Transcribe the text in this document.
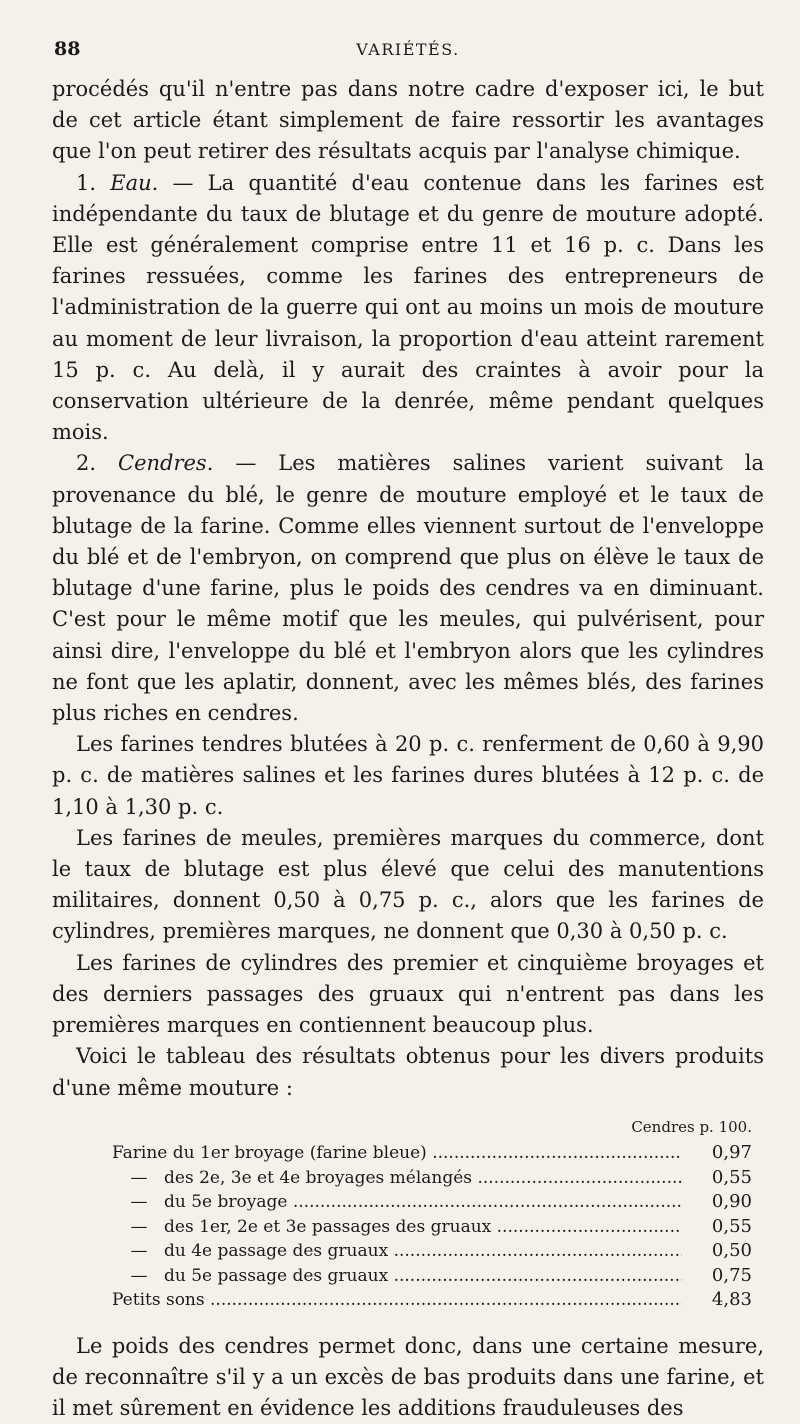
88	VARIÉTÉS.

procédés qu'il n'entre pas dans notre cadre d'exposer ici, le but de cet article étant simplement de faire ressortir les avantages que l'on peut retirer des résultats acquis par l'analyse chimique.

1. Eau. — La quantité d'eau contenue dans les farines est indépendante du taux de blutage et du genre de mouture adopté. Elle est généralement comprise entre 11 et 16 p. c. Dans les farines ressuées, comme les farines des entrepreneurs de l'administration de la guerre qui ont au moins un mois de mouture au moment de leur livraison, la proportion d'eau atteint rarement 15 p. c. Au delà, il y aurait des craintes à avoir pour la conservation ultérieure de la denrée, même pendant quelques mois.

2. Cendres. — Les matières salines varient suivant la provenance du blé, le genre de mouture employé et le taux de blutage de la farine. Comme elles viennent surtout de l'enveloppe du blé et de l'embryon, on comprend que plus on élève le taux de blutage d'une farine, plus le poids des cendres va en diminuant. C'est pour le même motif que les meules, qui pulvérisent, pour ainsi dire, l'enveloppe du blé et l'embryon alors que les cylindres ne font que les aplatir, donnent, avec les mêmes blés, des farines plus riches en cendres.

Les farines tendres blutées à 20 p. c. renferment de 0,60 à 9,90 p. c. de matières salines et les farines dures blutées à 12 p. c. de 1,10 à 1,30 p. c.

Les farines de meules, premières marques du commerce, dont le taux de blutage est plus élevé que celui des manutentions militaires, donnent 0,50 à 0,75 p. c., alors que les farines de cylindres, premières marques, ne donnent que 0,30 à 0,50 p. c.

Les farines de cylindres des premier et cinquième broyages et des derniers passages des gruaux qui n'entrent pas dans les premières marques en contiennent beaucoup plus.

Voici le tableau des résultats obtenus pour les divers produits d'une même mouture :

Cendres p. 100.
Farine du 1er broyage (farine bleue) .....	0,97
— des 2e, 3e et 4e broyages mélangés .....	0,55
— du 5e broyage .....	0,90
— des 1er, 2e et 3e passages des gruaux .....	0,55
— du 4e passage des gruaux .....	0,50
— du 5e passage des gruaux .....	0,75
Petits sons .....	4,83

Le poids des cendres permet donc, dans une certaine mesure, de reconnaître s'il y a un excès de bas produits dans une farine, et il met sûrement en évidence les additions frauduleuses des
